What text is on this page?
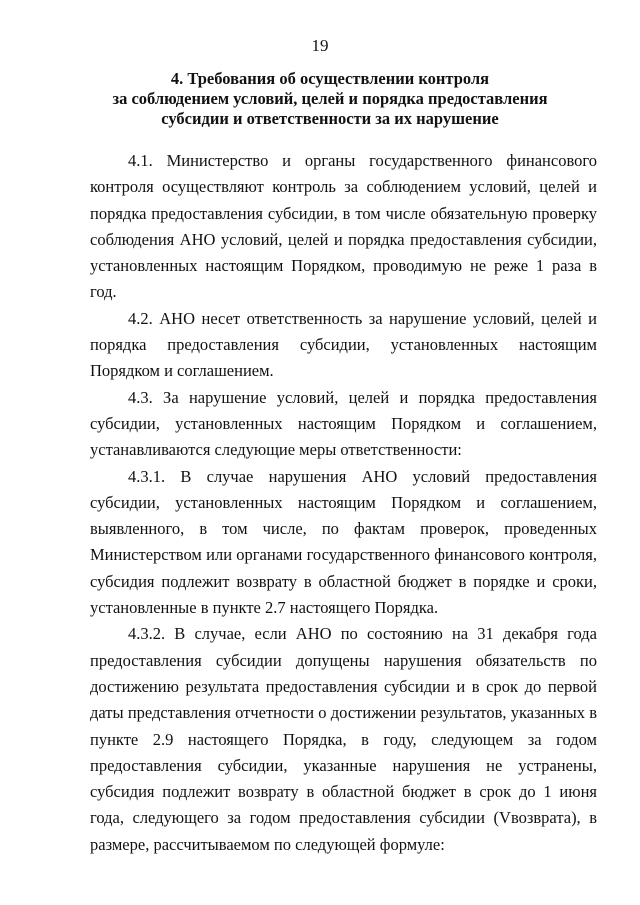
19
4. Требования об осуществлении контроля
за соблюдением условий, целей и порядка предоставления
субсидии и ответственности за их нарушение

4.1. Министерство и органы государственного финансового контроля осуществляют контроль за соблюдением условий, целей и порядка предоставления субсидии, в том числе обязательную проверку соблюдения АНО условий, целей и порядка предоставления субсидии, установленных настоящим Порядком, проводимую не реже 1 раза в год.

4.2. АНО несет ответственность за нарушение условий, целей и порядка предоставления субсидии, установленных настоящим Порядком и соглашением.

4.3. За нарушение условий, целей и порядка предоставления субсидии, установленных настоящим Порядком и соглашением, устанавливаются следующие меры ответственности:

4.3.1. В случае нарушения АНО условий предоставления субсидии, установленных настоящим Порядком и соглашением, выявленного, в том числе, по фактам проверок, проведенных Министерством или органами государственного финансового контроля, субсидия подлежит возврату в областной бюджет в порядке и сроки, установленные в пункте 2.7 настоящего Порядка.

4.3.2. В случае, если АНО по состоянию на 31 декабря года предоставления субсидии допущены нарушения обязательств по достижению результата предоставления субсидии и в срок до первой даты представления отчетности о достижении результатов, указанных в пункте 2.9 настоящего Порядка, в году, следующем за годом предоставления субсидии, указанные нарушения не устранены, субсидия подлежит возврату в областной бюджет в срок до 1 июня года, следующего за годом предоставления субсидии (Vвозврата), в размере, рассчитываемом по следующей формуле:
